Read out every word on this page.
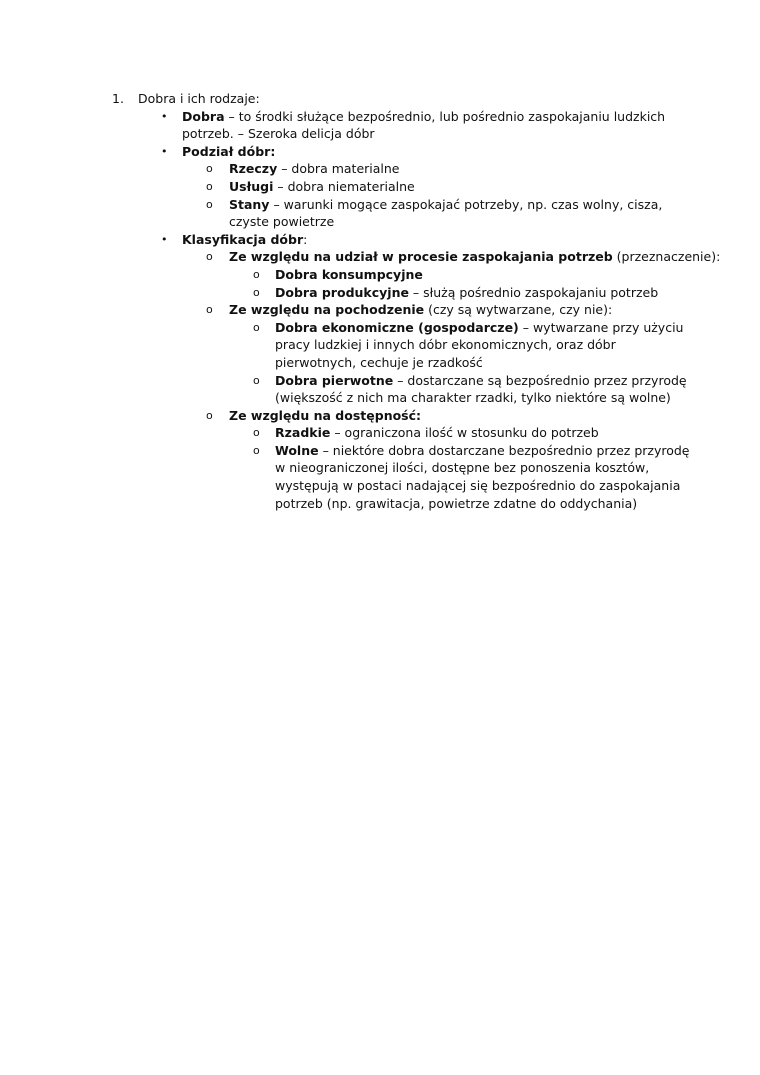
1. Dobra i ich rodzaje:
• Dobra – to środki służące bezpośrednio, lub pośrednio zaspokajaniu ludzkich
potrzeb. – Szeroka delicja dóbr
• Podział dóbr:
o Rzeczy – dobra materialne
o Usługi – dobra niematerialne
o Stany – warunki mogące zaspokajać potrzeby, np. czas wolny, cisza,
czyste powietrze
• Klasyfikacja dóbr:
o Ze względu na udział w procesie zaspokajania potrzeb (przeznaczenie):
o Dobra konsumpcyjne
o Dobra produkcyjne – służą pośrednio zaspokajaniu potrzeb
o Ze względu na pochodzenie (czy są wytwarzane, czy nie):
o Dobra ekonomiczne (gospodarcze) – wytwarzane przy użyciu
pracy ludzkiej i innych dóbr ekonomicznych, oraz dóbr
pierwotnych, cechuje je rzadkość
o Dobra pierwotne – dostarczane są bezpośrednio przez przyrodę
(większość z nich ma charakter rzadki, tylko niektóre są wolne)
o Ze względu na dostępność:
o Rzadkie – ograniczona ilość w stosunku do potrzeb
o Wolne – niektóre dobra dostarczane bezpośrednio przez przyrodę
w nieograniczonej ilości, dostępne bez ponoszenia kosztów,
występują w postaci nadającej się bezpośrednio do zaspokajania
potrzeb (np. grawitacja, powietrze zdatne do oddychania)
